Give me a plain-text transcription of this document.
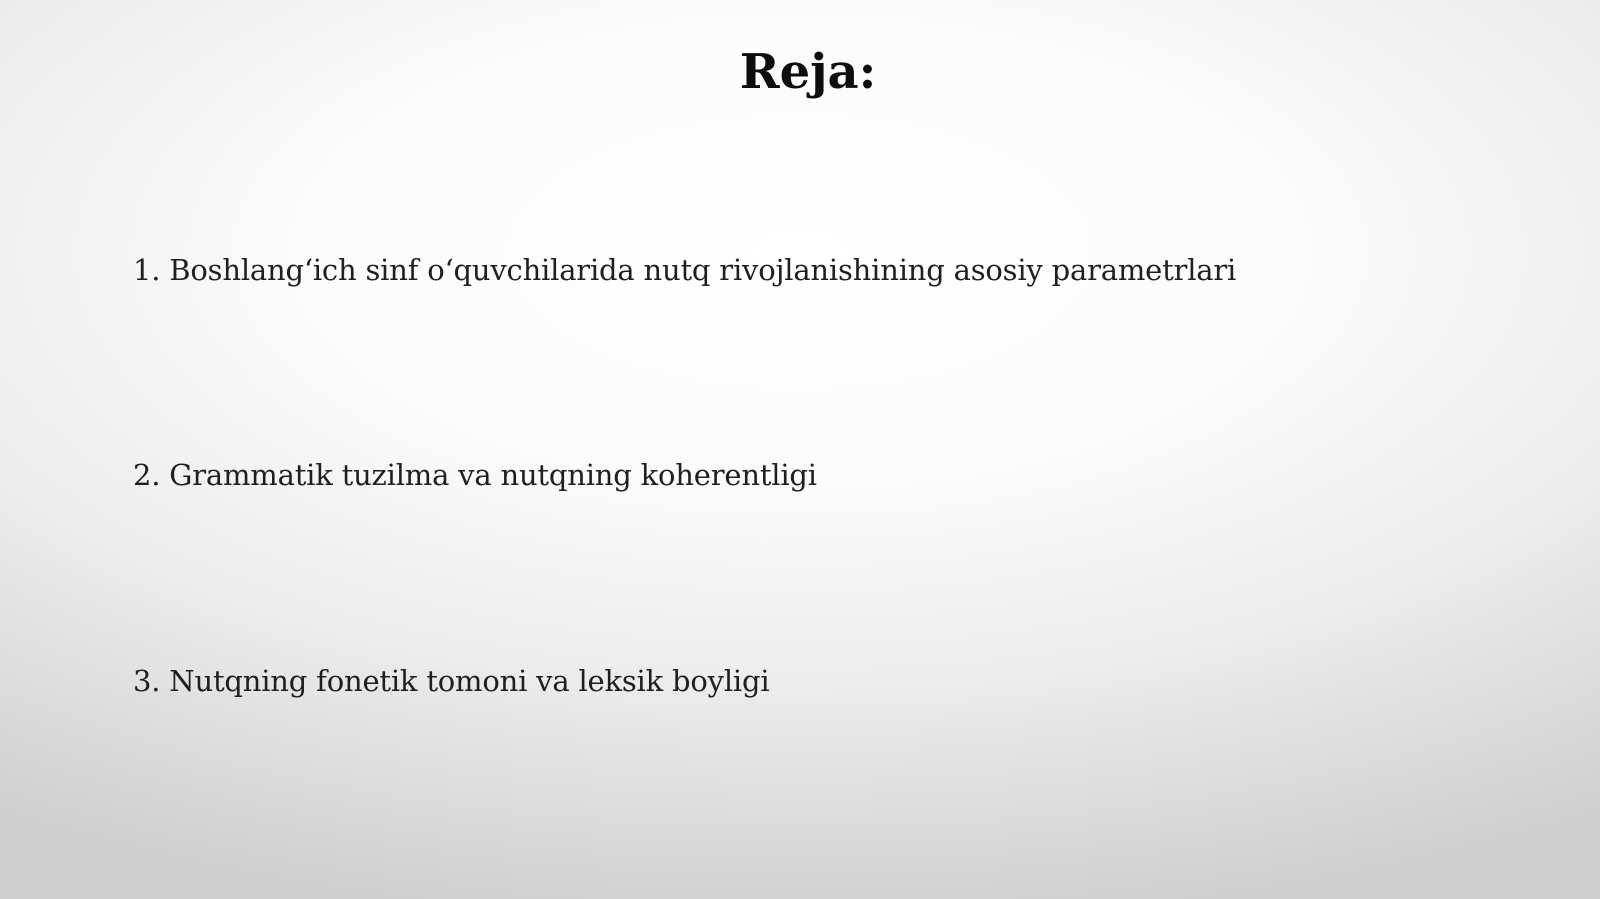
Reja:
1. Boshlang‘ich sinf o‘quvchilarida nutq rivojlanishining asosiy parametrlari
2. Grammatik tuzilma va nutqning koherentligi
3. Nutqning fonetik tomoni va leksik boyligi
